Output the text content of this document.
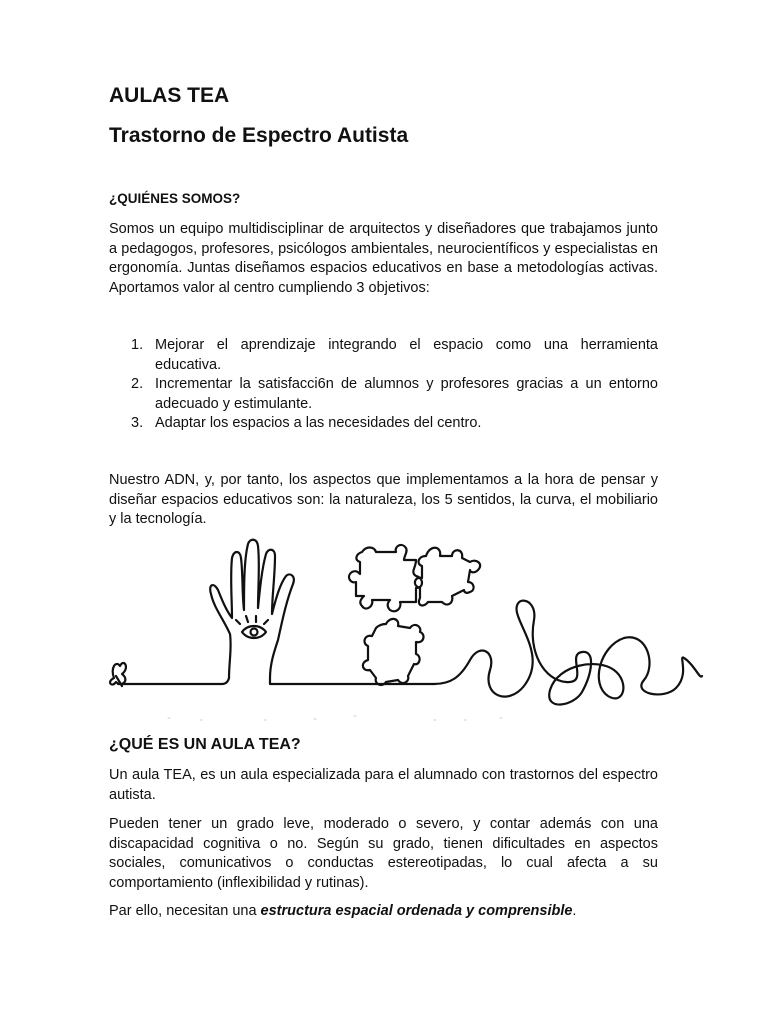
AULAS TEA
Trastorno de Espectro Autista
¿QUIÉNES SOMOS?

Somos un equipo multidisciplinar de arquitectos y diseñadores que trabajamos junto a pedagogos, profesores, psicólogos ambientales, neurocientíficos y especialistas en ergonomía. Juntas diseñamos espacios educativos en base a metodologías activas. Aportamos valor al centro cumpliendo 3 objetivos:

1. Mejorar el aprendizaje integrando el espacio como una herramienta educativa.
2. Incrementar la satisfacci6n de alumnos y profesores gracias a un entorno adecuado y estimulante.
3. Adaptar los espacios a las necesidades del centro.

Nuestro ADN, y, por tanto, los aspectos que implementamos a la hora de pensar y diseñar espacios educativos son: la naturaleza, los 5 sentidos, la curva, el mobiliario y la tecnología.

¿QUÉ ES UN AULA TEA?

Un aula TEA, es un aula especializada para el alumnado con trastornos del espectro autista.

Pueden tener un grado leve, moderado o severo, y contar además con una discapacidad cognitiva o no. Según su grado, tienen dificultades en aspectos sociales, comunicativos o conductas estereotipadas, lo cual afecta a su comportamiento (inflexibilidad y rutinas).

Par ello, necesitan una estructura espacial ordenada y comprensible.
